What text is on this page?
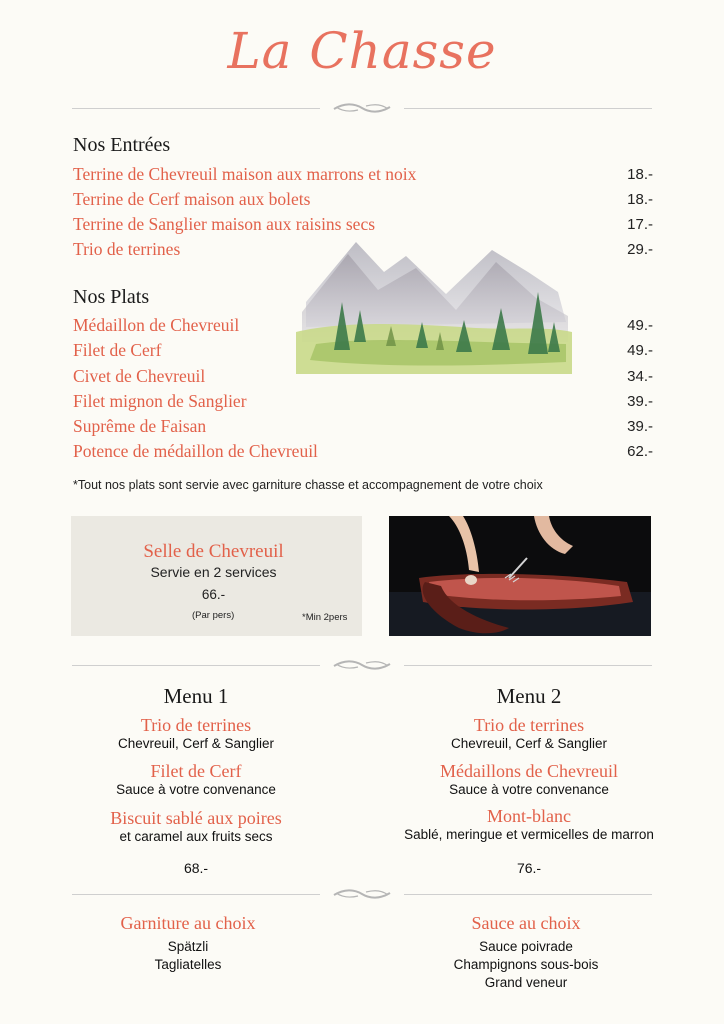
La Chasse
Nos Entrées
Terrine de Chevreuil maison aux marrons et noix	18.-
Terrine de Cerf maison aux bolets	18.-
Terrine de Sanglier maison aux raisins secs	17.-
Trio de terrines	29.-
Nos Plats
Médaillon de Chevreuil	49.-
Filet de Cerf	49.-
Civet de Chevreuil	34.-
Filet mignon de Sanglier	39.-
Suprême de Faisan	39.-
Potence de médaillon de Chevreuil	62.-
*Tout nos plats sont servie avec garniture chasse et accompagnement de votre choix
Selle de Chevreuil
Servie en 2 services
66.-
(Par pers)	*Min 2pers
Menu 1
Trio de terrines
Chevreuil, Cerf & Sanglier
Filet de Cerf
Sauce à votre convenance
Biscuit sablé aux poires
et caramel aux fruits secs
68.-
Menu 2
Trio de terrines
Chevreuil, Cerf & Sanglier
Médaillons de Chevreuil
Sauce à votre convenance
Mont-blanc
Sablé, meringue et vermicelles de marron
76.-
Garniture au choix
Spätzli
Tagliatelles
Sauce au choix
Sauce poivrade
Champignons sous-bois
Grand veneur
